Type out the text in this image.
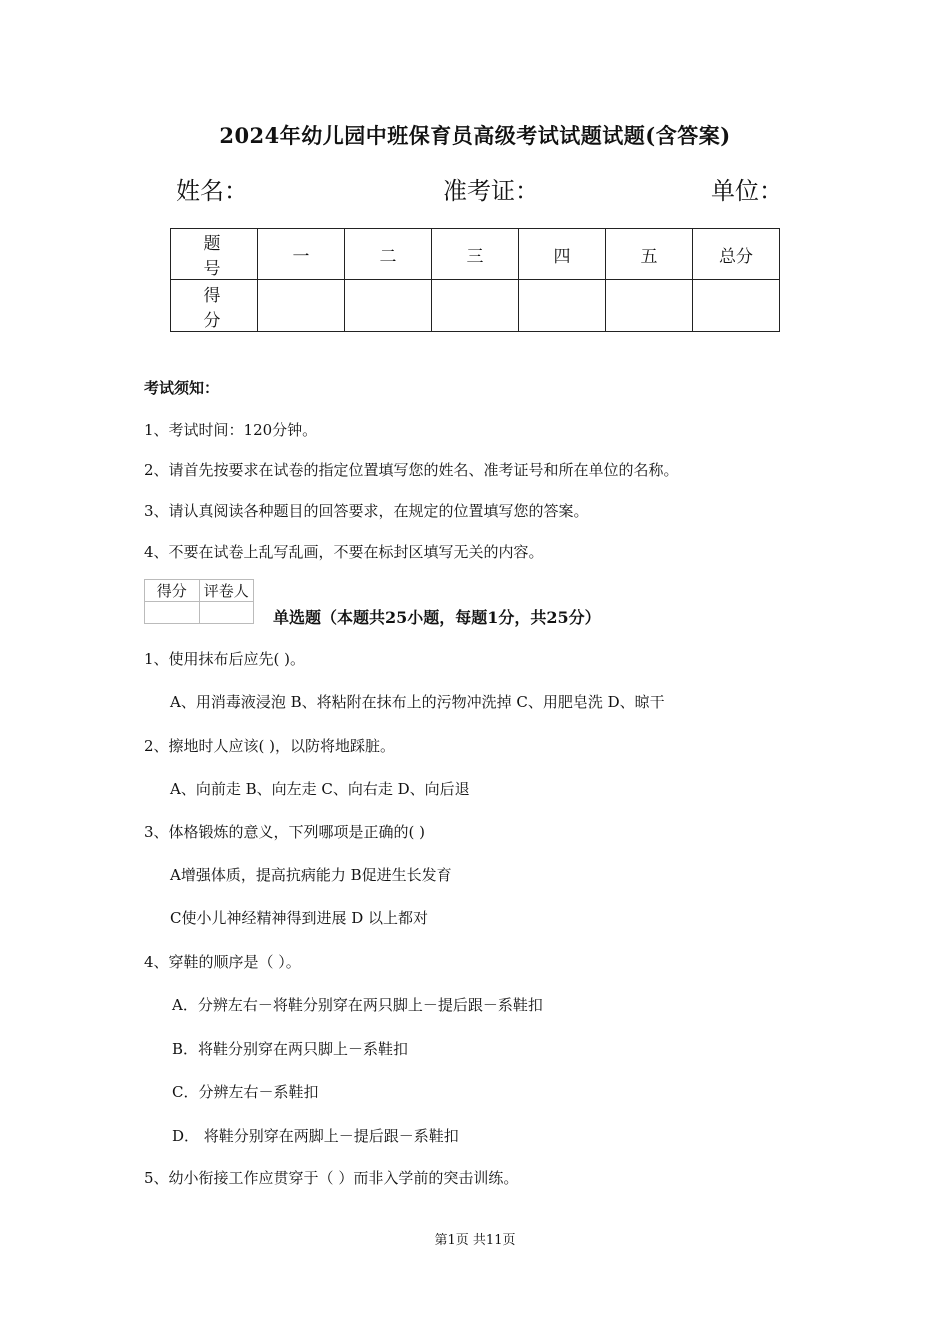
2024年幼儿园中班保育员高级考试试题试题(含答案)
姓名：	准考证：	单位：
题　号	一	二	三	四	五	总分
得　分						
考试须知：
1、考试时间：120分钟。
2、请首先按要求在试卷的指定位置填写您的姓名、准考证号和所在单位的名称。
3、请认真阅读各种题目的回答要求，在规定的位置填写您的答案。
4、不要在试卷上乱写乱画，不要在标封区填写无关的内容。
得分	评卷人

单选题（本题共25小题，每题1分，共25分）
1、使用抹布后应先( )。
A、用消毒液浸泡 B、将粘附在抹布上的污物冲洗掉 C、用肥皂洗 D、晾干
2、擦地时人应该( )，以防将地踩脏。
A、向前走 B、向左走 C、向右走 D、向后退
3、体格锻炼的意义，下列哪项是正确的( )
A增强体质，提高抗病能力 B促进生长发育
C使小儿神经精神得到进展 D 以上都对
4、穿鞋的顺序是（ ）。
A．分辨左右－将鞋分别穿在两只脚上－提后跟－系鞋扣
B．将鞋分别穿在两只脚上－系鞋扣
C．分辨左右－系鞋扣
D． 将鞋分别穿在两脚上－提后跟－系鞋扣
5、幼小衔接工作应贯穿于（ ）而非入学前的突击训练。
第1页 共11页
